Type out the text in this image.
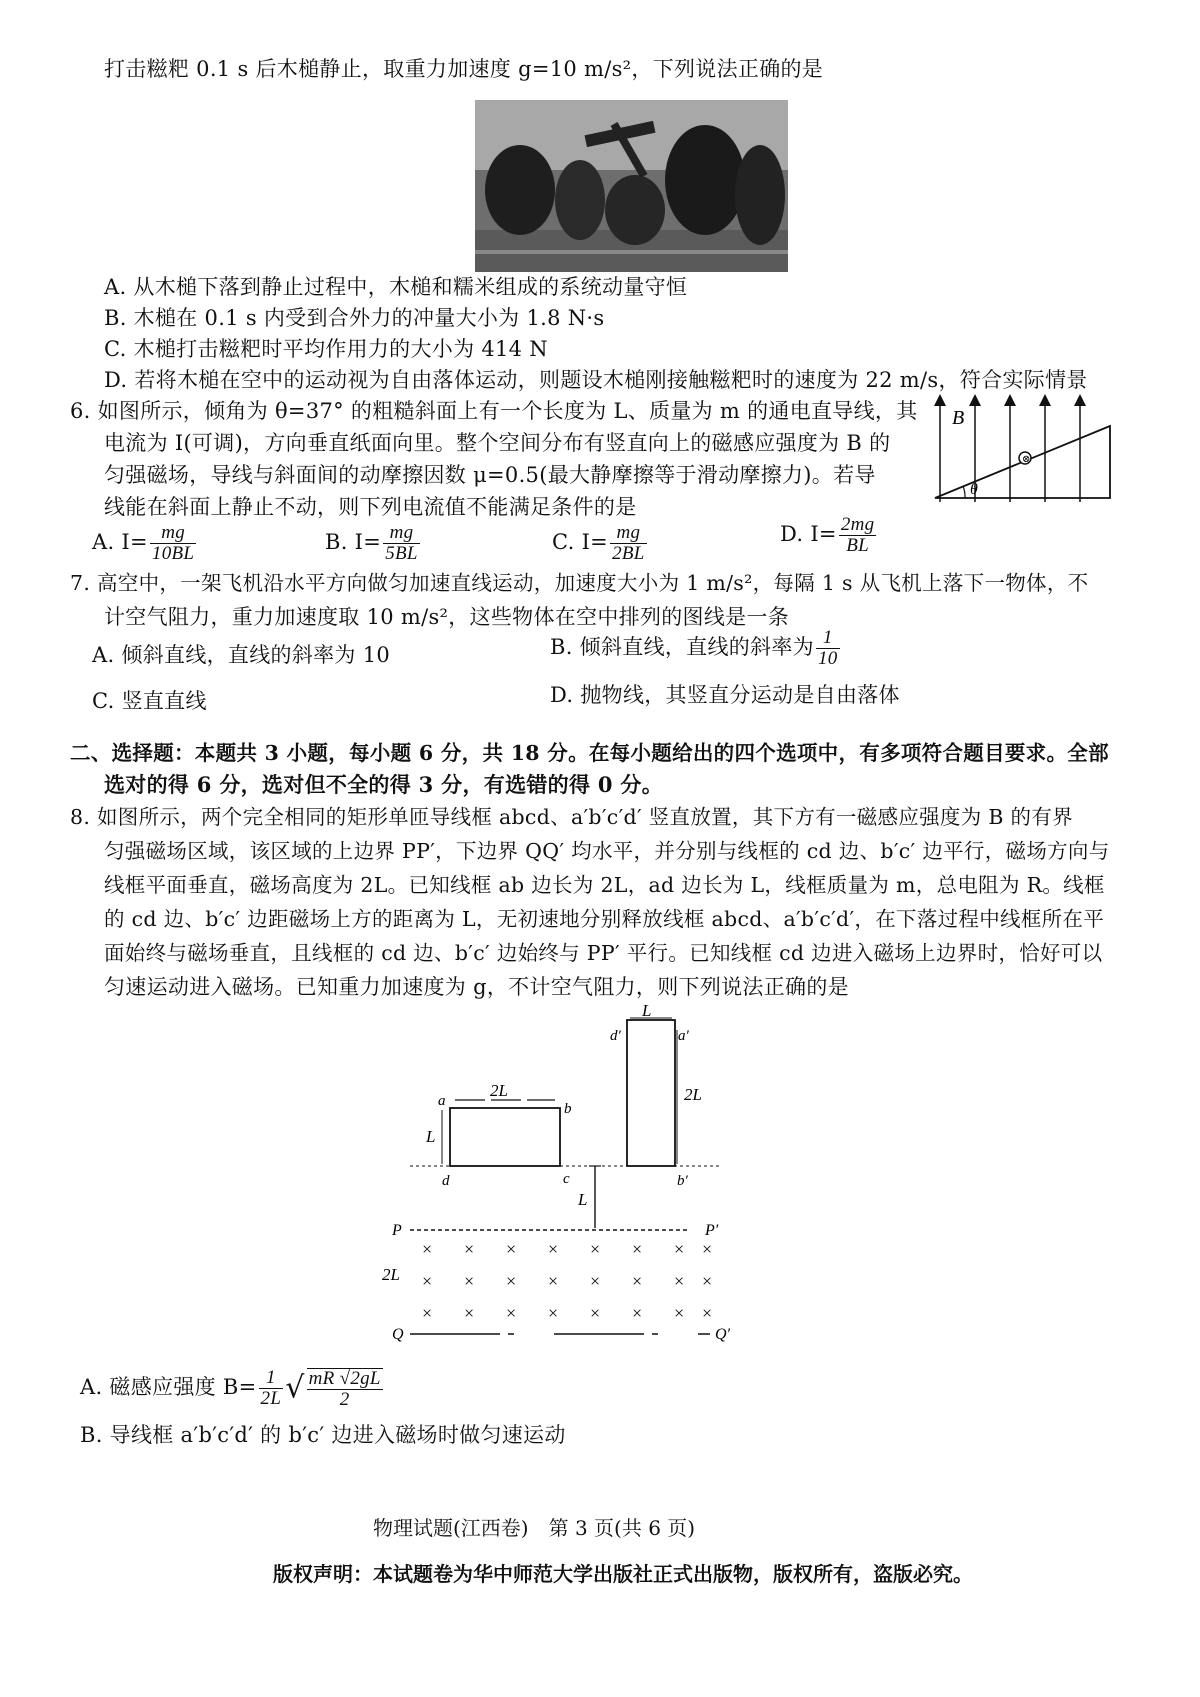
打击糍粑 0.1 s 后木槌静止，取重力加速度 g=10 m/s²，下列说法正确的是
A. 从木槌下落到静止过程中，木槌和糯米组成的系统动量守恒
B. 木槌在 0.1 s 内受到合外力的冲量大小为 1.8 N·s
C. 木槌打击糍粑时平均作用力的大小为 414 N
D. 若将木槌在空中的运动视为自由落体运动，则题设木槌刚接触糍粑时的速度为 22 m/s，符合实际情景
6. 如图所示，倾角为 θ=37° 的粗糙斜面上有一个长度为 L、质量为 m 的通电直导线，其
电流为 I(可调)，方向垂直纸面向里。整个空间分布有竖直向上的磁感应强度为 B 的
匀强磁场，导线与斜面间的动摩擦因数 μ=0.5(最大静摩擦等于滑动摩擦力)。若导
线能在斜面上静止不动，则下列电流值不能满足条件的是
⊗
B
θ
A. $I= \frac{mg}{10BL}$	B. $I= \frac{mg}{5BL}$	C. $I= \frac{mg}{2BL}$	D. $I= \frac{2mg}{BL}$
7. 高空中，一架飞机沿水平方向做匀加速直线运动，加速度大小为 1 m/s²，每隔 1 s 从飞机上落下一物体，不
计空气阻力，重力加速度取 10 m/s²，这些物体在空中排列的图线是一条
A. 倾斜直线，直线的斜率为 10	B. 倾斜直线，直线的斜率为 $\frac{1}{10}$
C. 竖直直线	D. 抛物线，其竖直分运动是自由落体
二、选择题：本题共 3 小题，每小题 6 分，共 18 分。在每小题给出的四个选项中，有多项符合题目要求。全部
选对的得 6 分，选对但不全的得 3 分，有选错的得 0 分。
8. 如图所示，两个完全相同的矩形单匝导线框 abcd、a′b′c′d′ 竖直放置，其下方有一磁感应强度为 B 的有界
匀强磁场区域，该区域的上边界 PP′，下边界 QQ′ 均水平，并分别与线框的 cd 边、b′c′ 边平行，磁场方向与
线框平面垂直，磁场高度为 2L。已知线框 ab 边长为 2L，ad 边长为 L，线框质量为 m，总电阻为 R。线框
的 cd 边、b′c′ 边距磁场上方的距离为 L，无初速地分别释放线框 abcd、a′b′c′d′，在下落过程中线框所在平
面始终与磁场垂直，且线框的 cd 边、b′c′ 边始终与 PP′ 平行。已知线框 cd 边进入磁场上边界时，恰好可以
匀速运动进入磁场。已知重力加速度为 g，不计空气阻力，则下列说法正确的是
a	b
c
d
2L
L
d′	a′
b′
L
2L
L
P	P′
× × × × × × × ×
× × × × × × × ×
× × × × × × × ×
2L
Q	Q′
A. 磁感应强度 $B= \frac{1}{2L}$ √ $\frac{mR √2gL}{2}$
B. 导线框 a′b′c′d′ 的 b′c′ 边进入磁场时做匀速运动
物理试题(江西卷)　第 3 页(共 6 页)
版权声明：本试题卷为华中师范大学出版社正式出版物，版权所有，盗版必究。
